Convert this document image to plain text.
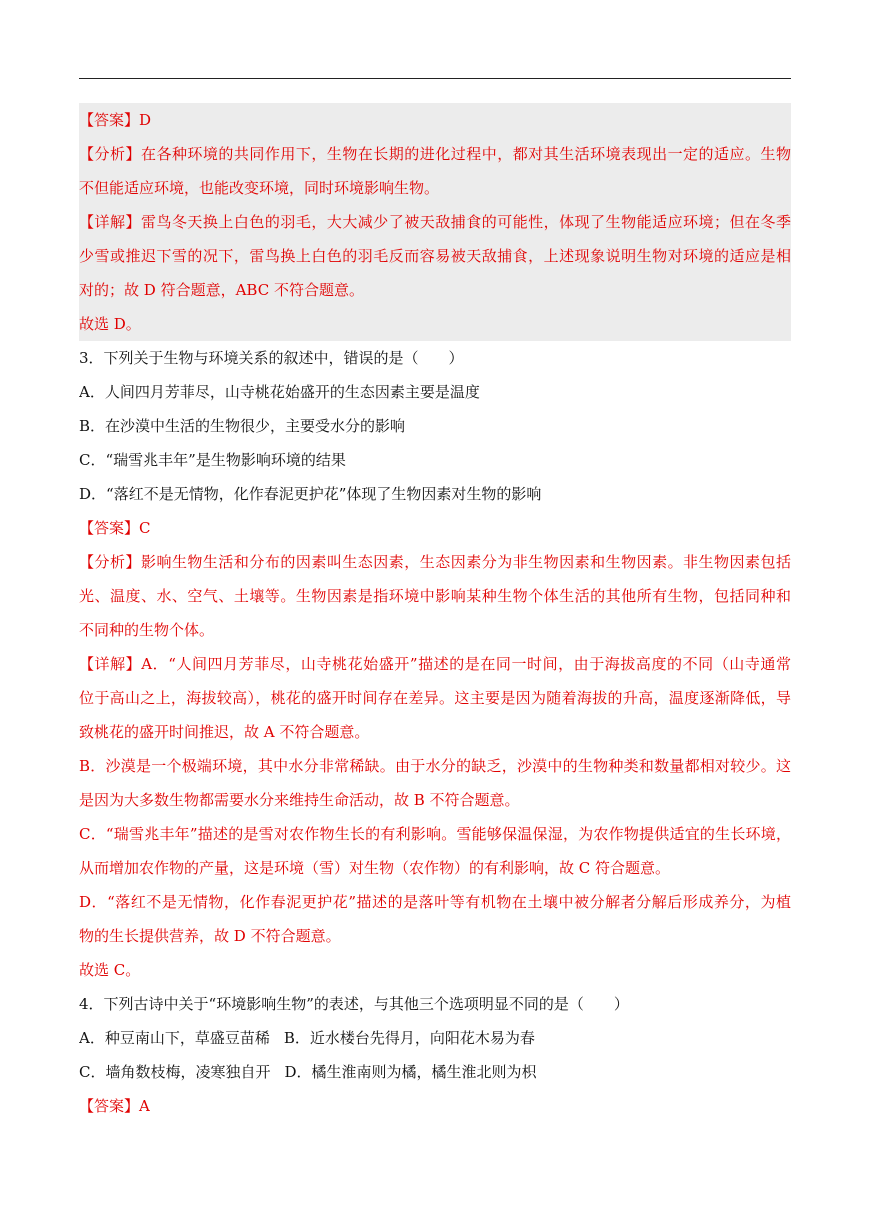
【答案】D
【分析】在各种环境的共同作用下，生物在长期的进化过程中，都对其生活环境表现出一定的适应。生物
不但能适应环境，也能改变环境，同时环境影响生物。
【详解】雷鸟冬天换上白色的羽毛，大大减少了被天敌捕食的可能性，体现了生物能适应环境；但在冬季
少雪或推迟下雪的况下，雷鸟换上白色的羽毛反而容易被天敌捕食，上述现象说明生物对环境的适应是相
对的；故 D 符合题意，ABC 不符合题意。
故选 D。
3．下列关于生物与环境关系的叙述中，错误的是（　　）
A．人间四月芳菲尽，山寺桃花始盛开的生态因素主要是温度
B．在沙漠中生活的生物很少，主要受水分的影响
C．“瑞雪兆丰年”是生物影响环境的结果
D．“落红不是无情物，化作春泥更护花”体现了生物因素对生物的影响
【答案】C
【分析】影响生物生活和分布的因素叫生态因素，生态因素分为非生物因素和生物因素。非生物因素包括
光、温度、水、空气、土壤等。生物因素是指环境中影响某种生物个体生活的其他所有生物，包括同种和
不同种的生物个体。
【详解】A．“人间四月芳菲尽，山寺桃花始盛开”描述的是在同一时间，由于海拔高度的不同（山寺通常
位于高山之上，海拔较高），桃花的盛开时间存在差异。这主要是因为随着海拔的升高，温度逐渐降低，导
致桃花的盛开时间推迟，故 A 不符合题意。
B．沙漠是一个极端环境，其中水分非常稀缺。由于水分的缺乏，沙漠中的生物种类和数量都相对较少。这
是因为大多数生物都需要水分来维持生命活动，故 B 不符合题意。
C．“瑞雪兆丰年”描述的是雪对农作物生长的有利影响。雪能够保温保湿，为农作物提供适宜的生长环境，
从而增加农作物的产量，这是环境（雪）对生物（农作物）的有利影响，故 C 符合题意。
D．“落红不是无情物，化作春泥更护花”描述的是落叶等有机物在土壤中被分解者分解后形成养分，为植
物的生长提供营养，故 D 不符合题意。
故选 C。
4．下列古诗中关于“环境影响生物”的表述，与其他三个选项明显不同的是（　　）
A．种豆南山下，草盛豆苗稀 B．近水楼台先得月，向阳花木易为春
C．墙角数枝梅，凌寒独自开 D．橘生淮南则为橘，橘生淮北则为枳
【答案】A
